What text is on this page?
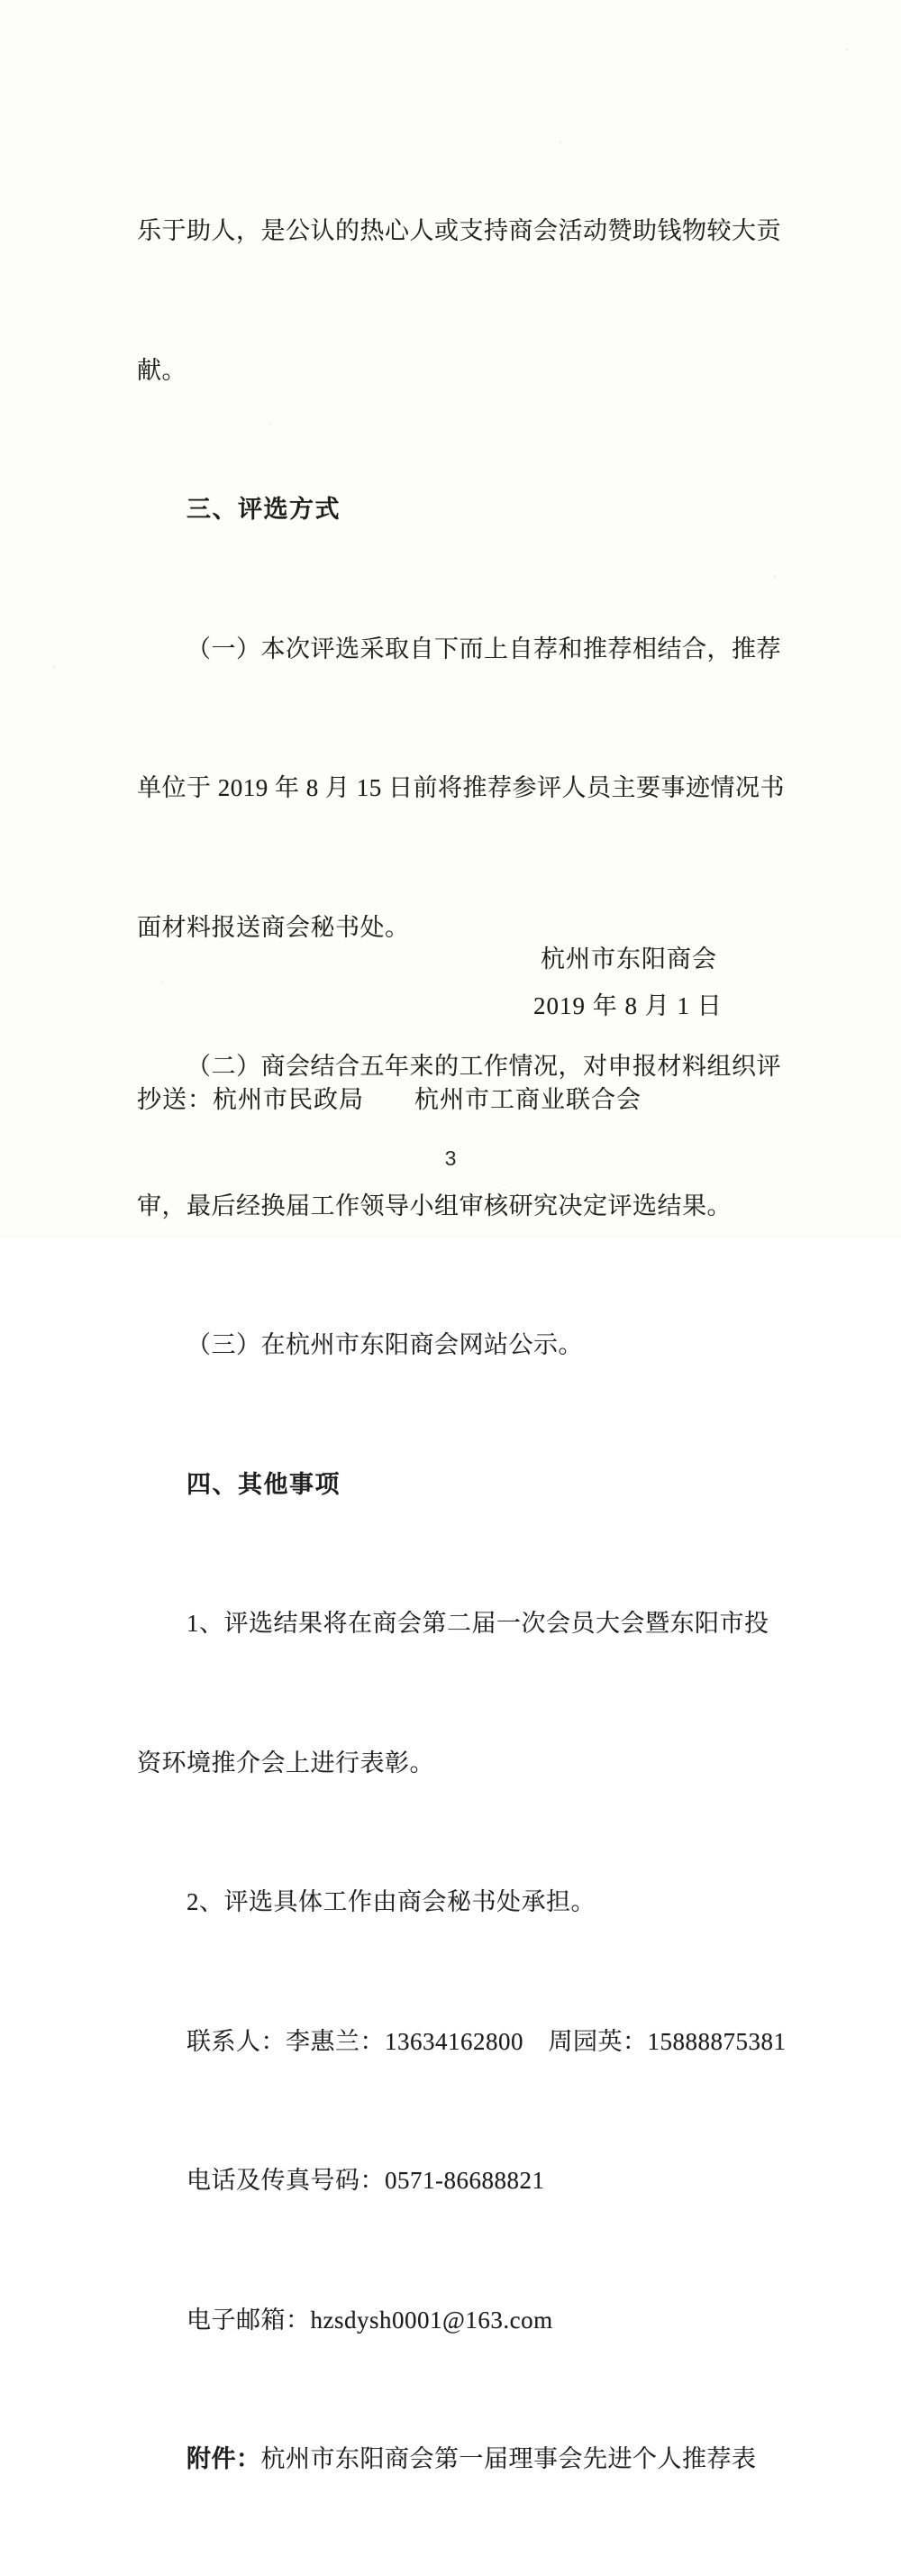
乐于助人，是公认的热心人或支持商会活动赞助钱物较大贡

献。

三、评选方式

（一）本次评选采取自下而上自荐和推荐相结合，推荐

单位于 2019 年 8 月 15 日前将推荐参评人员主要事迹情况书

面材料报送商会秘书处。

（二）商会结合五年来的工作情况，对申报材料组织评

审，最后经换届工作领导小组审核研究决定评选结果。

（三）在杭州市东阳商会网站公示。

四、其他事项

1、评选结果将在商会第二届一次会员大会暨东阳市投

资环境推介会上进行表彰。

2、评选具体工作由商会秘书处承担。

联系人：李惠兰：13634162800　周园英：15888875381

电话及传真号码：0571-86688821

电子邮箱：hzsdysh0001@163.com

附件：杭州市东阳商会第一届理事会先进个人推荐表

杭州市东阳商会
2019 年 8 月 1 日
抄送：杭州市民政局　　杭州市工商业联合会
3
